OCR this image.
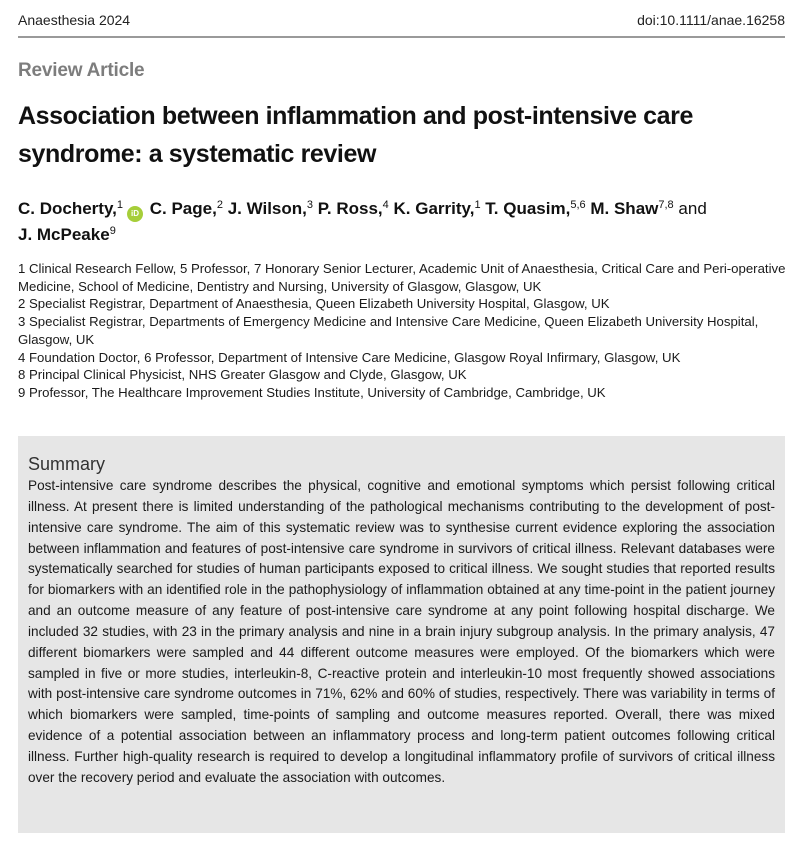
Anaesthesia 2024	doi:10.1111/anae.16258
Review Article
Association between inflammation and post-intensive care syndrome: a systematic review
C. Docherty,$^1$iD C. Page,$^2$ J. Wilson,$^3$ P. Ross,$^4$ K. Garrity,$^1$ T. Quasim,$^{5,6}$ M. Shaw$^{7,8}$ and
J. McPeake$^9$

1 Clinical Research Fellow, 5 Professor, 7 Honorary Senior Lecturer, Academic Unit of Anaesthesia, Critical Care and Peri-operative Medicine, School of Medicine, Dentistry and Nursing, University of Glasgow, Glasgow, UK

2 Specialist Registrar, Department of Anaesthesia, Queen Elizabeth University Hospital, Glasgow, UK

3 Specialist Registrar, Departments of Emergency Medicine and Intensive Care Medicine, Queen Elizabeth University Hospital, Glasgow, UK

4 Foundation Doctor, 6 Professor, Department of Intensive Care Medicine, Glasgow Royal Infirmary, Glasgow, UK

8 Principal Clinical Physicist, NHS Greater Glasgow and Clyde, Glasgow, UK

9 Professor, The Healthcare Improvement Studies Institute, University of Cambridge, Cambridge, UK

Summary

Post-intensive care syndrome describes the physical, cognitive and emotional symptoms which persist following critical illness. At present there is limited understanding of the pathological mechanisms contributing to the development of post-intensive care syndrome. The aim of this systematic review was to synthesise current evidence exploring the association between inflammation and features of post-intensive care syndrome in survivors of critical illness. Relevant databases were systematically searched for studies of human participants exposed to critical illness. We sought studies that reported results for biomarkers with an identified role in the pathophysiology of inflammation obtained at any time-point in the patient journey and an outcome measure of any feature of post-intensive care syndrome at any point following hospital discharge. We included 32 studies, with 23 in the primary analysis and nine in a brain injury subgroup analysis. In the primary analysis, 47 different biomarkers were sampled and 44 different outcome measures were employed. Of the biomarkers which were sampled in five or more studies, interleukin-8, C-reactive protein and interleukin-10 most frequently showed associations with post-intensive care syndrome outcomes in 71%, 62% and 60% of studies, respectively. There was variability in terms of which biomarkers were sampled, time-points of sampling and outcome measures reported. Overall, there was mixed evidence of a potential association between an inflammatory process and long-term patient outcomes following critical illness. Further high-quality research is required to develop a longitudinal inflammatory profile of survivors of critical illness over the recovery period and evaluate the association with outcomes.
